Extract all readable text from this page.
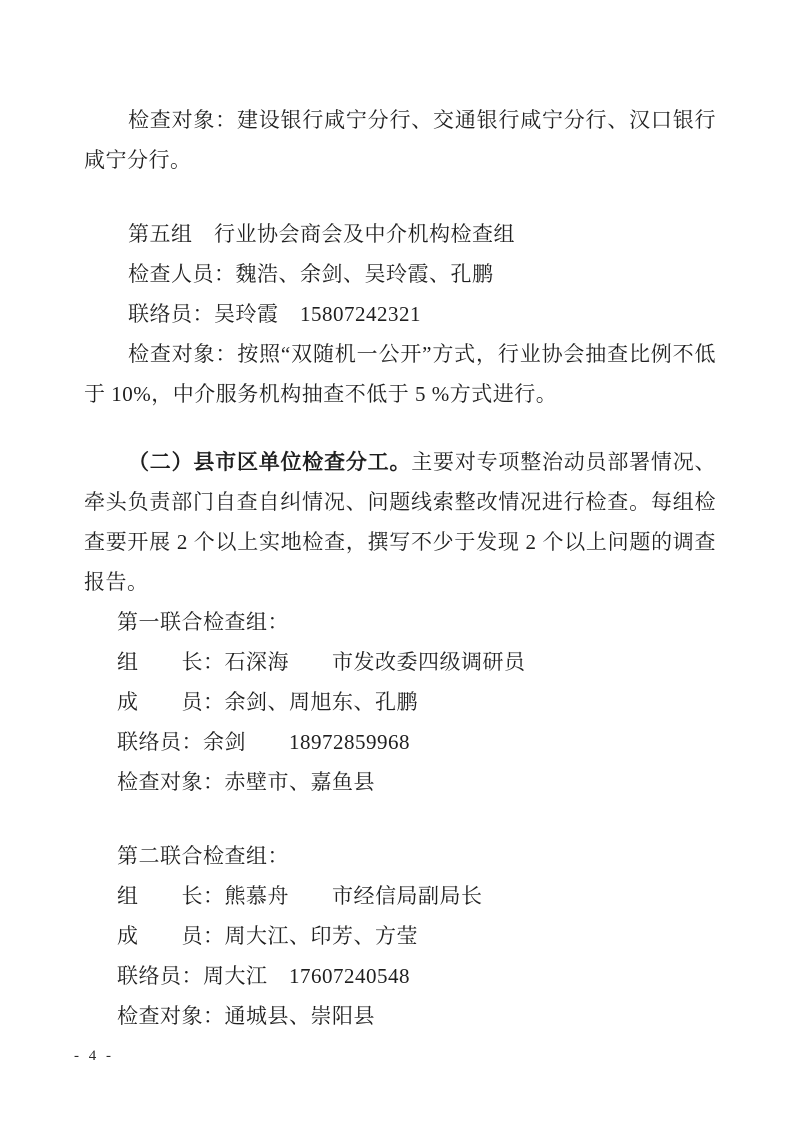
检查对象：建设银行咸宁分行、交通银行咸宁分行、汉口银行咸宁分行。

第五组　行业协会商会及中介机构检查组

检查人员：魏浩、余剑、吴玲霞、孔鹏

联络员：吴玲霞　15807242321

检查对象：按照“双随机一公开”方式，行业协会抽查比例不低于 10%，中介服务机构抽查不低于 5 %方式进行。

（二）县市区单位检查分工。主要对专项整治动员部署情况、牵头负责部门自查自纠情况、问题线索整改情况进行检查。每组检查要开展 2 个以上实地检查，撰写不少于发现 2 个以上问题的调查报告。

第一联合检查组：

组　　长：石深海　　市发改委四级调研员

成　　员：余剑、周旭东、孔鹏

联络员：余剑　　18972859968

检查对象：赤壁市、嘉鱼县

第二联合检查组：

组　　长：熊慕舟　　市经信局副局长

成　　员：周大江、印芳、方莹

联络员：周大江　17607240548

检查对象：通城县、崇阳县

- 4 -
